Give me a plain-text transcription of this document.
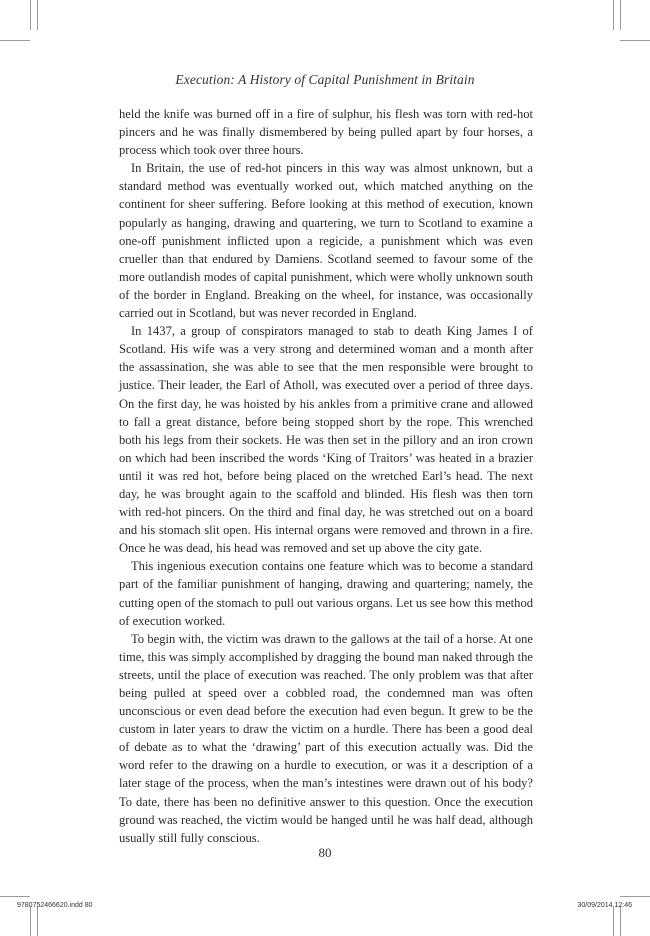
Execution: A History of Capital Punishment in Britain

held the knife was burned off in a fire of sulphur, his flesh was torn with red-hot pincers and he was finally dismembered by being pulled apart by four horses, a process which took over three hours.

In Britain, the use of red-hot pincers in this way was almost unknown, but a standard method was eventually worked out, which matched anything on the continent for sheer suffering. Before looking at this method of execution, known popularly as hanging, drawing and quartering, we turn to Scotland to examine a one-off punishment inflicted upon a regicide, a punishment which was even crueller than that endured by Damiens. Scotland seemed to favour some of the more outlandish modes of capital punishment, which were wholly unknown south of the border in England. Breaking on the wheel, for instance, was occasionally carried out in Scotland, but was never recorded in England.

In 1437, a group of conspirators managed to stab to death King James I of Scotland. His wife was a very strong and determined woman and a month after the assassination, she was able to see that the men responsible were brought to justice. Their leader, the Earl of Atholl, was executed over a period of three days. On the first day, he was hoisted by his ankles from a primitive crane and allowed to fall a great distance, before being stopped short by the rope. This wrenched both his legs from their sockets. He was then set in the pillory and an iron crown on which had been inscribed the words ‘King of Traitors’ was heated in a brazier until it was red hot, before being placed on the wretched Earl’s head. The next day, he was brought again to the scaffold and blinded. His flesh was then torn with red-hot pincers. On the third and final day, he was stretched out on a board and his stomach slit open. His internal organs were removed and thrown in a fire. Once he was dead, his head was removed and set up above the city gate.

This ingenious execution contains one feature which was to become a standard part of the familiar punishment of hanging, drawing and quartering; namely, the cutting open of the stomach to pull out various organs. Let us see how this method of execution worked.

To begin with, the victim was drawn to the gallows at the tail of a horse. At one time, this was simply accomplished by dragging the bound man naked through the streets, until the place of execution was reached. The only problem was that after being pulled at speed over a cobbled road, the condemned man was often unconscious or even dead before the execution had even begun. It grew to be the custom in later years to draw the victim on a hurdle. There has been a good deal of debate as to what the ‘drawing’ part of this execution actually was. Did the word refer to the drawing on a hurdle to execution, or was it a description of a later stage of the process, when the man’s intestines were drawn out of his body? To date, there has been no definitive answer to this question. Once the execution ground was reached, the victim would be hanged until he was half dead, although usually still fully conscious.

80
9780752466620.indd 80	30/09/2014 12:46
